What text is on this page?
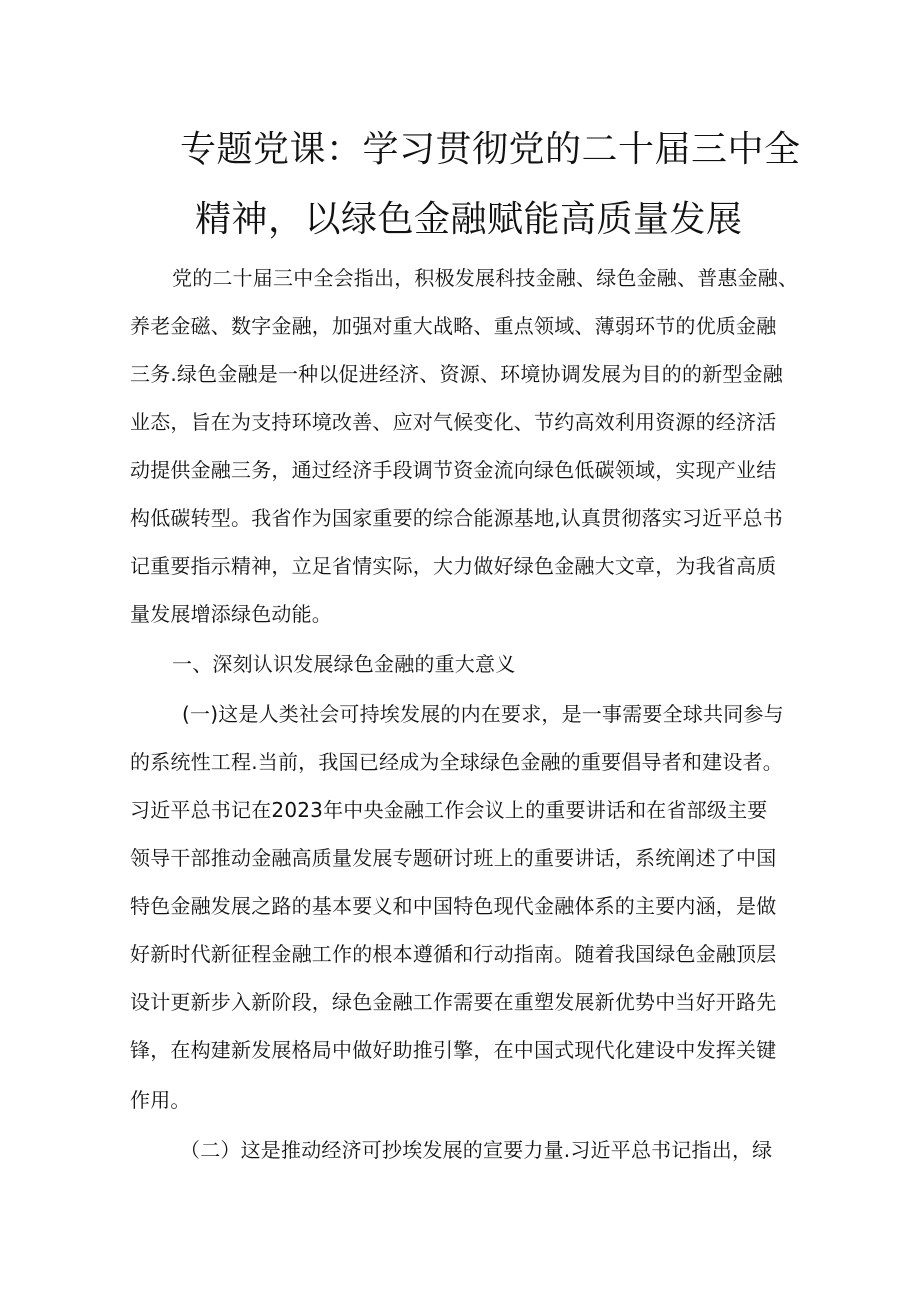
专题党课：学习贯彻党的二十届三中全
精神，以绿色金融赋能高质量发展
党的二十届三中全会指出，积极发展科技金融、绿色金融、普惠金融、
养老金磁、数字金融，加强对重大战略、重点领域、薄弱环节的优质金融
三务.绿色金融是一种以促进经济、资源、环境协调发展为目的的新型金融
业态，旨在为支持环境改善、应对气候变化、节约高效利用资源的经济活
动提供金融三务，通过经济手段调节资金流向绿色低碳领域，实现产业结
构低碳转型。我省作为国家重要的综合能源基地,认真贯彻落实习近平总书
记重要指示精神，立足省情实际，大力做好绿色金融大文章，为我省高质
量发展增添绿色动能。
一、深刻认识发展绿色金融的重大意义
(一)这是人类社会可持埃发展的内在要求，是一事需要全球共同参与
的系统性工程.当前，我国已经成为全球绿色金融的重要倡导者和建设者。
习近平总书记在2023年中央金融工作会议上的重要讲话和在省部级主要
领导干部推动金融高质量发展专题研讨班上的重要讲话，系统阐述了中国
特色金融发展之路的基本要义和中国特色现代金融体系的主要内涵，是做
好新时代新征程金融工作的根本遵循和行动指南。随着我国绿色金融顶层
设计更新步入新阶段，绿色金融工作需要在重塑发展新优势中当好开路先
锋，在构建新发展格局中做好助推引擎，在中国式现代化建设中发挥关键
作用。
（二）这是推动经济可抄埃发展的宣要力量.习近平总书记指出，绿
